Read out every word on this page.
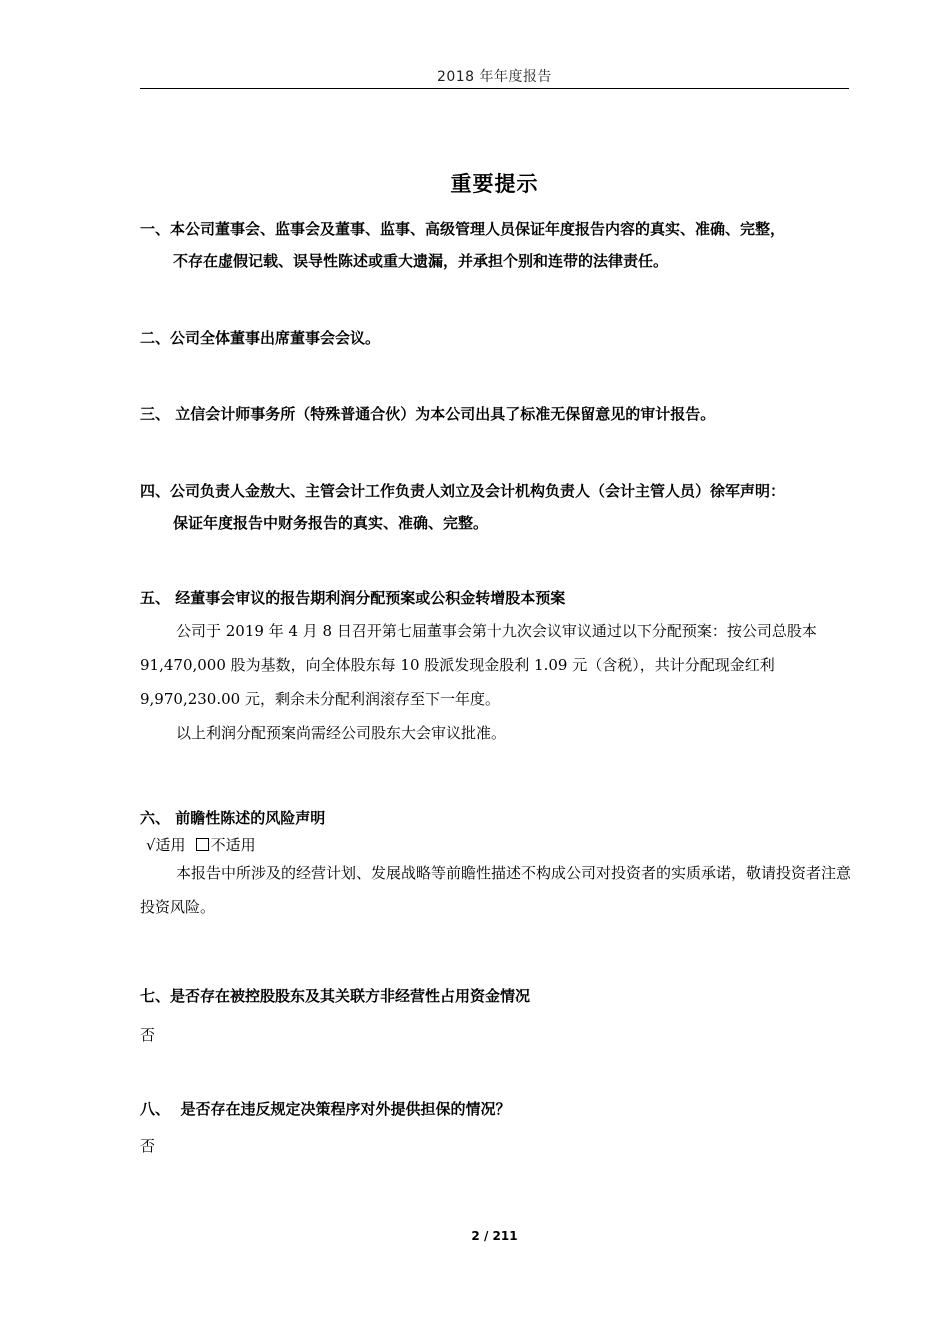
2018 年年度报告
重要提示
一、本公司董事会、监事会及董事、监事、高级管理人员保证年度报告内容的真实、准确、完整，
不存在虚假记载、误导性陈述或重大遗漏，并承担个别和连带的法律责任。
二、公司全体董事出席董事会会议。
三、 立信会计师事务所（特殊普通合伙）为本公司出具了标准无保留意见的审计报告。
四、公司负责人金敖大、主管会计工作负责人刘立及会计机构负责人（会计主管人员）徐军声明：
保证年度报告中财务报告的真实、准确、完整。
五、 经董事会审议的报告期利润分配预案或公积金转增股本预案

公司于 2019 年 4 月 8 日召开第七届董事会第十九次会议审议通过以下分配预案：按公司总股本 91,470,000 股为基数，向全体股东每 10 股派发现金股利 1.09 元（含税），共计分配现金红利 9,970,230.00 元，剩余未分配利润滚存至下一年度。

以上利润分配预案尚需经公司股东大会审议批准。

六、 前瞻性陈述的风险声明
√适用 不适用

本报告中所涉及的经营计划、发展战略等前瞻性描述不构成公司对投资者的实质承诺，敬请投资者注意投资风险。

七、是否存在被控股股东及其关联方非经营性占用资金情况

否

八、  是否存在违反规定决策程序对外提供担保的情况？

否

2 / 211
